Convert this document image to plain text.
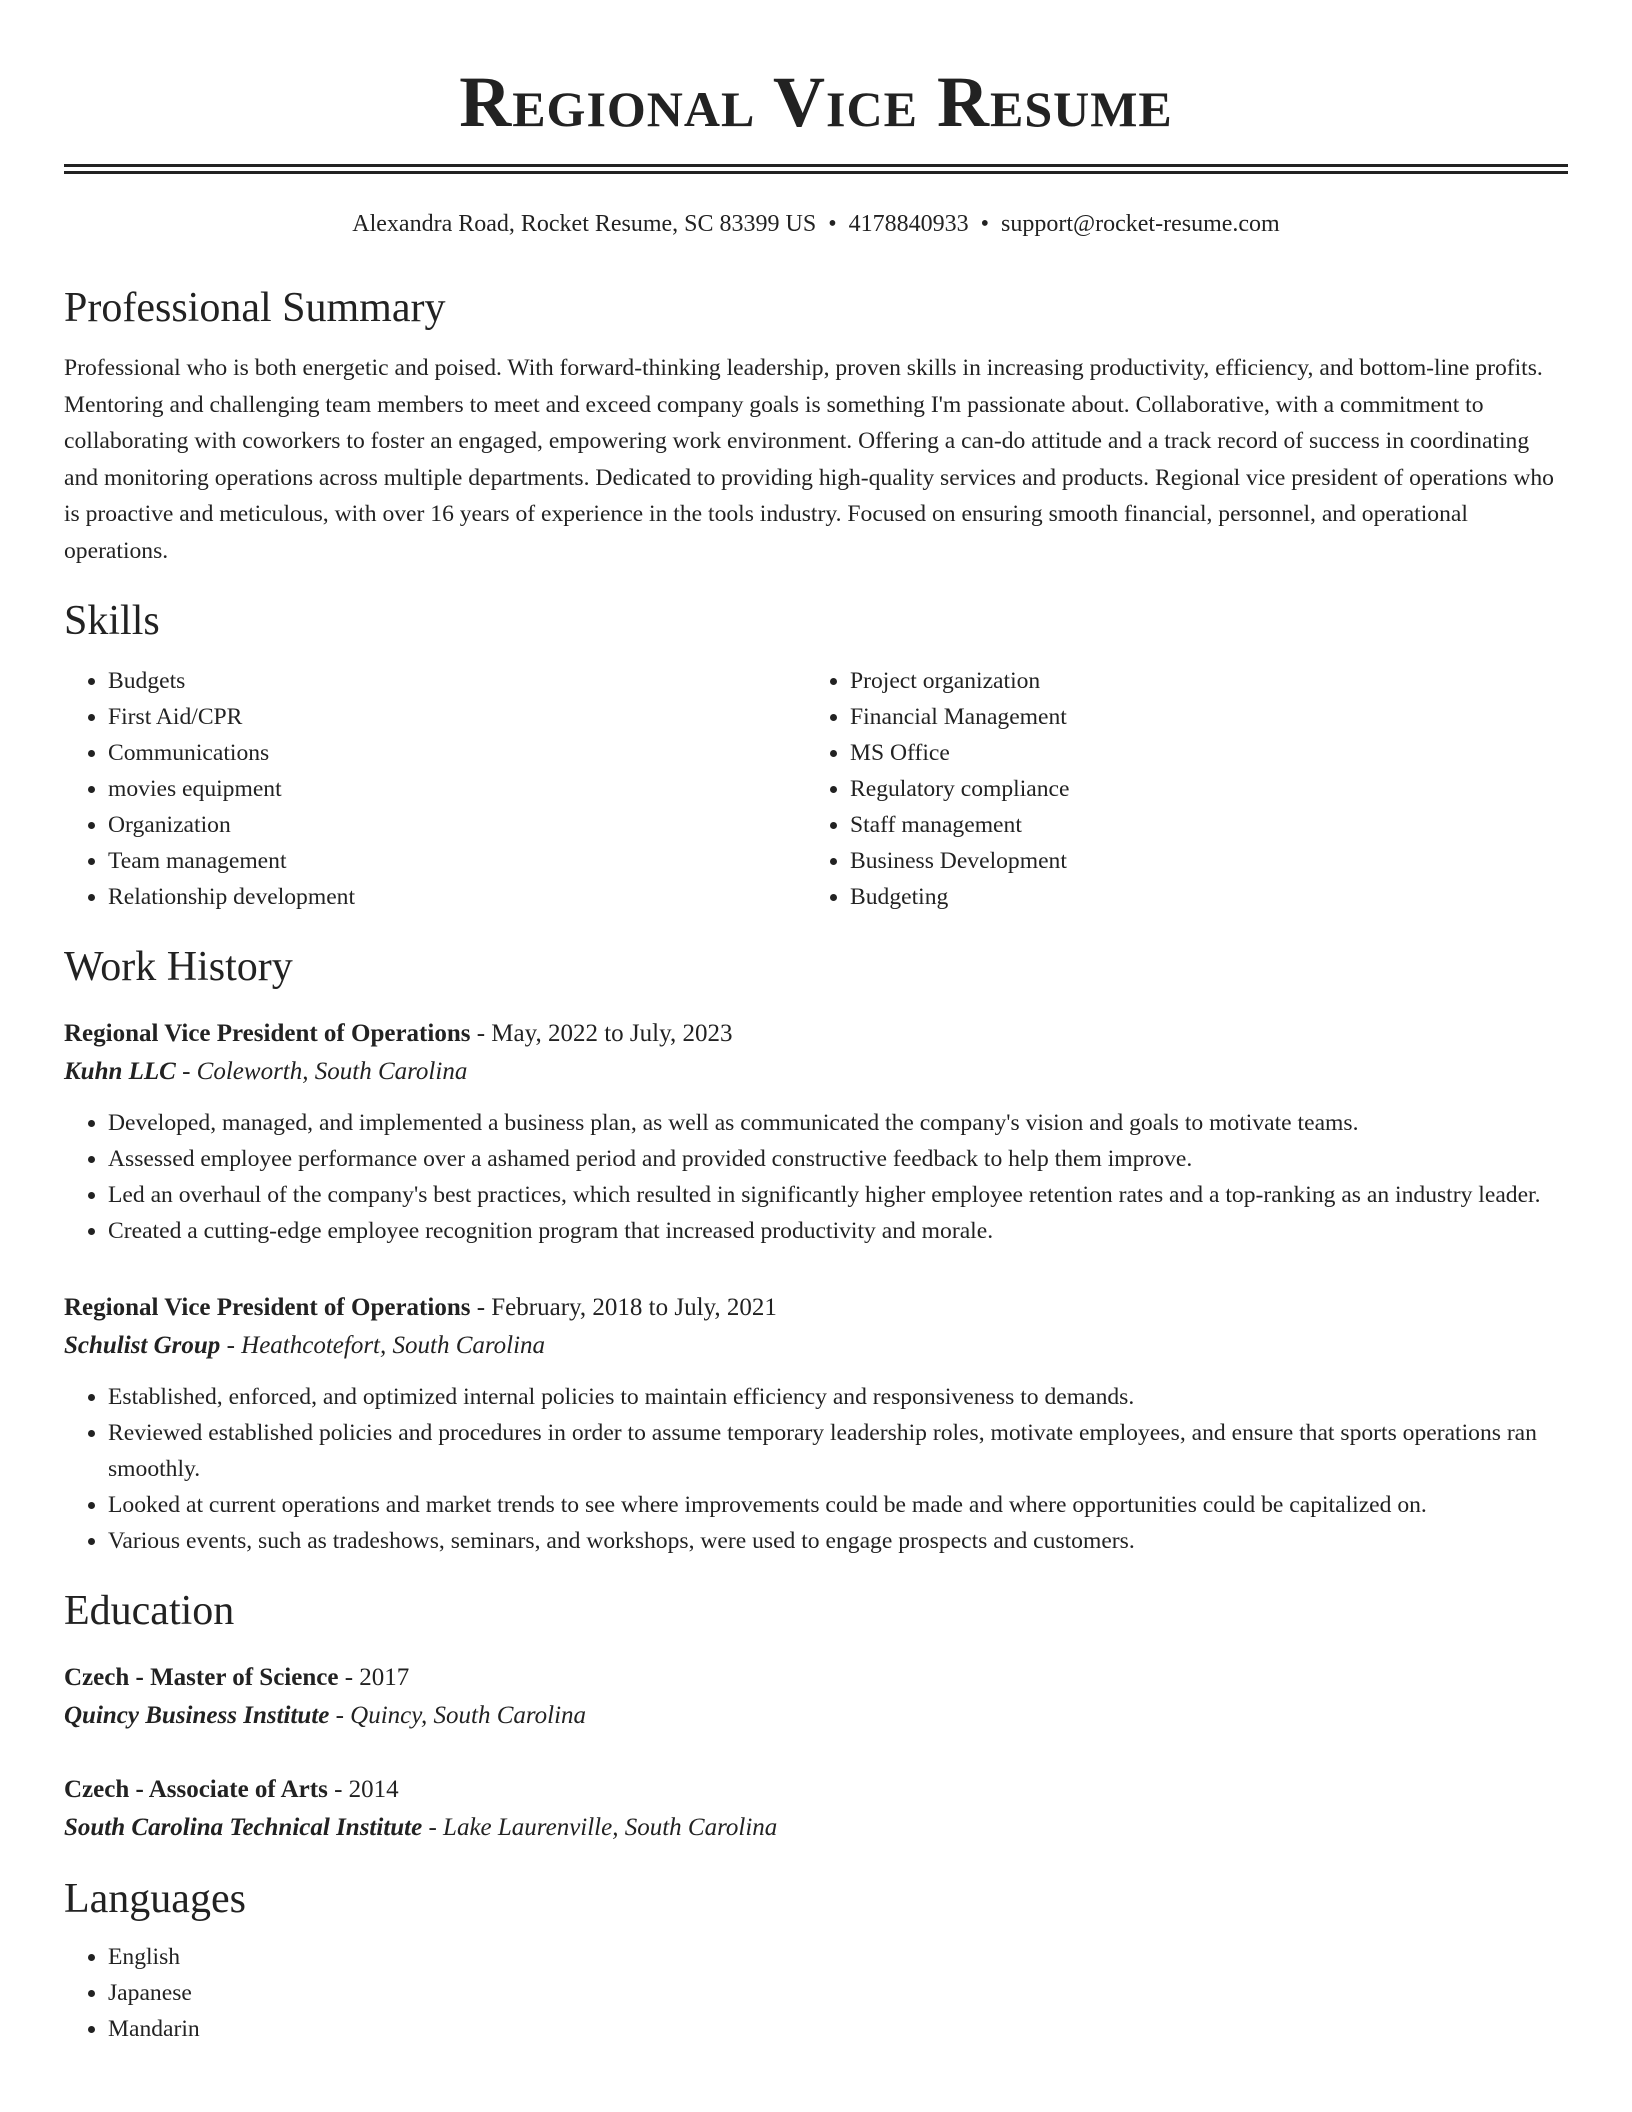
Regional Vice Resume
Alexandra Road, Rocket Resume, SC 83399 US • 4178840933 • support@rocket-resume.com
Professional Summary
Professional who is both energetic and poised. With forward-thinking leadership, proven skills in increasing productivity, efficiency, and bottom-line profits. Mentoring and challenging team members to meet and exceed company goals is something I'm passionate about. Collaborative, with a commitment to collaborating with coworkers to foster an engaged, empowering work environment. Offering a can-do attitude and a track record of success in coordinating and monitoring operations across multiple departments. Dedicated to providing high-quality services and products. Regional vice president of operations who is proactive and meticulous, with over 16 years of experience in the tools industry. Focused on ensuring smooth financial, personnel, and operational operations.
Skills
• Budgets
• First Aid/CPR
• Communications
• movies equipment
• Organization
• Team management
• Relationship development
• Project organization
• Financial Management
• MS Office
• Regulatory compliance
• Staff management
• Business Development
• Budgeting
Work History
Regional Vice President of Operations - May, 2022 to July, 2023
Kuhn LLC - Coleworth, South Carolina
• Developed, managed, and implemented a business plan, as well as communicated the company's vision and goals to motivate teams.
• Assessed employee performance over a ashamed period and provided constructive feedback to help them improve.
• Led an overhaul of the company's best practices, which resulted in significantly higher employee retention rates and a top-ranking as an industry leader.
• Created a cutting-edge employee recognition program that increased productivity and morale.
Regional Vice President of Operations - February, 2018 to July, 2021
Schulist Group - Heathcotefort, South Carolina
• Established, enforced, and optimized internal policies to maintain efficiency and responsiveness to demands.
• Reviewed established policies and procedures in order to assume temporary leadership roles, motivate employees, and ensure that sports operations ran smoothly.
• Looked at current operations and market trends to see where improvements could be made and where opportunities could be capitalized on.
• Various events, such as tradeshows, seminars, and workshops, were used to engage prospects and customers.
Education
Czech - Master of Science - 2017
Quincy Business Institute - Quincy, South Carolina
Czech - Associate of Arts - 2014
South Carolina Technical Institute - Lake Laurenville, South Carolina
Languages
• English
• Japanese
• Mandarin
